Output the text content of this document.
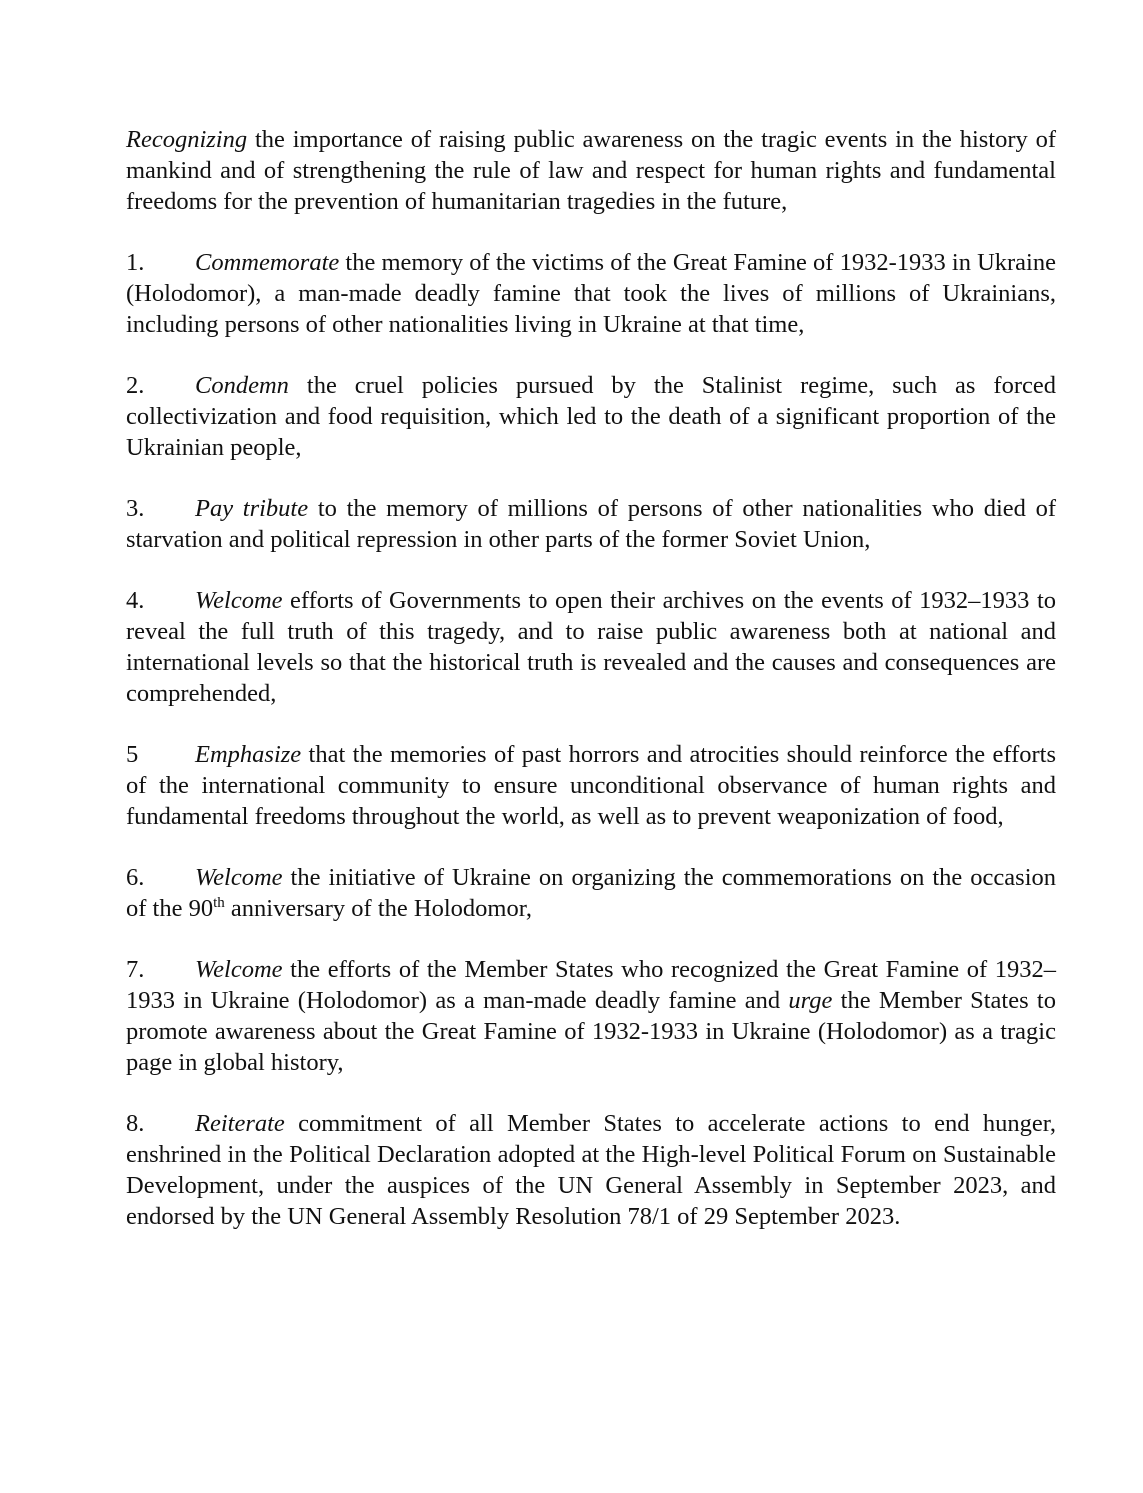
Recognizing the importance of raising public awareness on the tragic events in the history of mankind and of strengthening the rule of law and respect for human rights and fundamental freedoms for the prevention of humanitarian tragedies in the future,

1. Commemorate the memory of the victims of the Great Famine of 1932-1933 in Ukraine (Holodomor), a man-made deadly famine that took the lives of millions of Ukrainians, including persons of other nationalities living in Ukraine at that time,

2. Condemn the cruel policies pursued by the Stalinist regime, such as forced collectivization and food requisition, which led to the death of a significant proportion of the Ukrainian people,

3. Pay tribute to the memory of millions of persons of other nationalities who died of starvation and political repression in other parts of the former Soviet Union,

4. Welcome efforts of Governments to open their archives on the events of 1932–1933 to reveal the full truth of this tragedy, and to raise public awareness both at national and international levels so that the historical truth is revealed and the causes and consequences are comprehended,

5 Emphasize that the memories of past horrors and atrocities should reinforce the efforts of the international community to ensure unconditional observance of human rights and fundamental freedoms throughout the world, as well as to prevent weaponization of food,

6. Welcome the initiative of Ukraine on organizing the commemorations on the occasion of the 90th anniversary of the Holodomor,

7. Welcome the efforts of the Member States who recognized the Great Famine of 1932–1933 in Ukraine (Holodomor) as a man-made deadly famine and urge the Member States to promote awareness about the Great Famine of 1932-1933 in Ukraine (Holodomor) as a tragic page in global history,

8. Reiterate commitment of all Member States to accelerate actions to end hunger, enshrined in the Political Declaration adopted at the High-level Political Forum on Sustainable Development, under the auspices of the UN General Assembly in September 2023, and endorsed by the UN General Assembly Resolution 78/1 of 29 September 2023.
